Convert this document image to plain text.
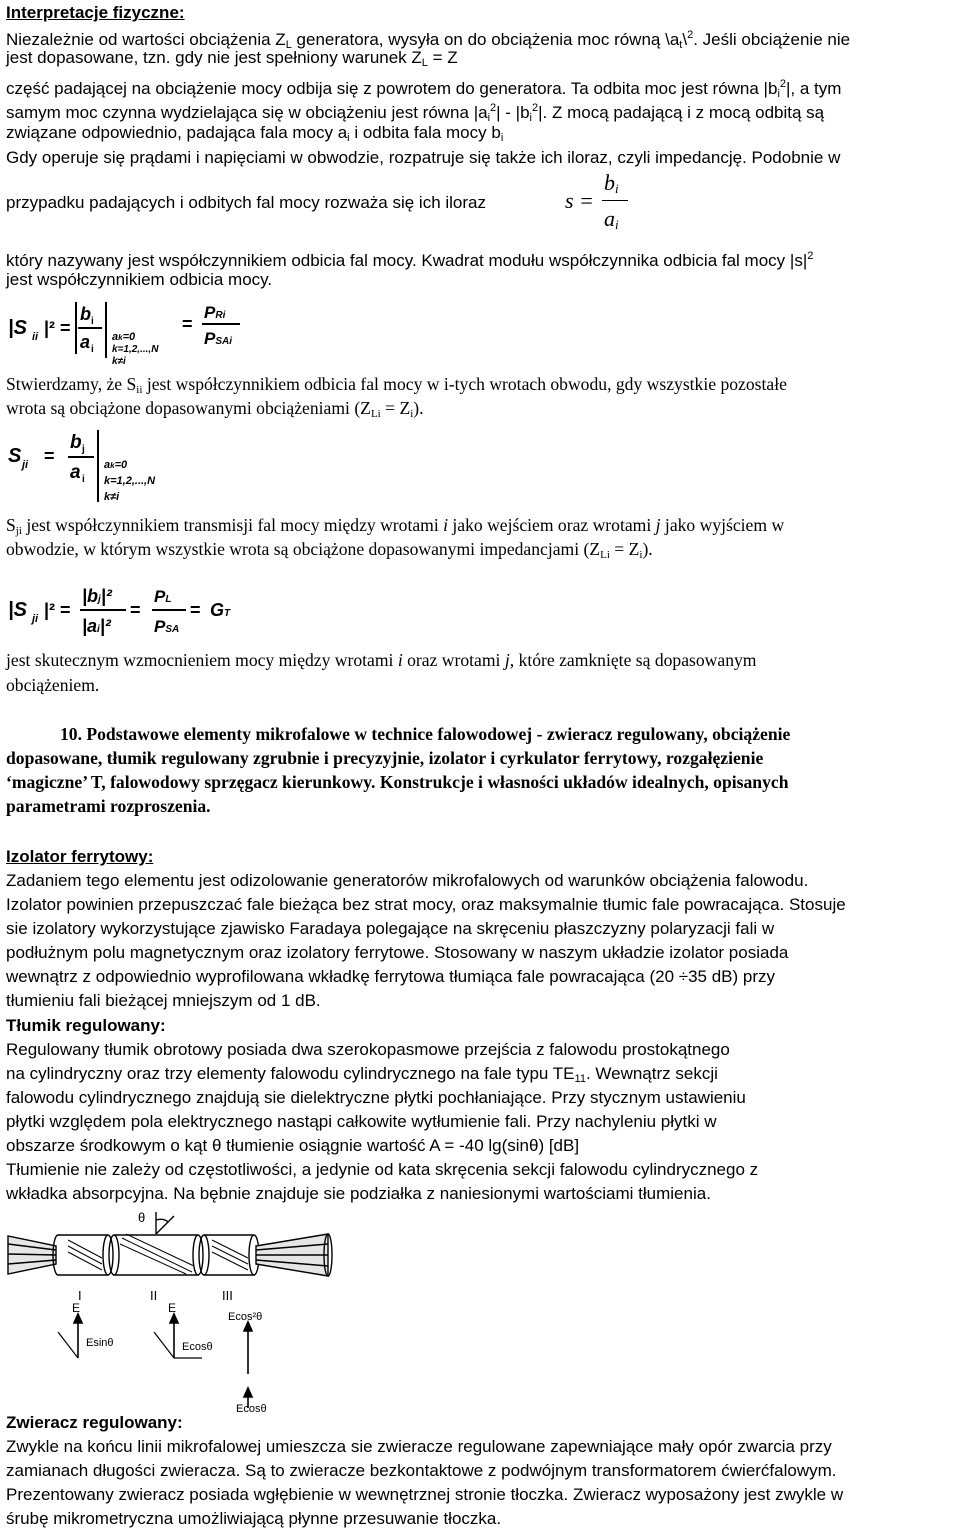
Interpretacje fizyczne:
Niezależnie od wartości obciążenia $Z_L$ generatora, wysyła on do obciążenia moc równą $\backslash a_t\backslash^2$. Jeśli obciążenie nie
jest dopasowane, tzn. gdy nie jest spełniony warunek $Z_L = Z$
część padającej na obciążenie mocy odbija się z powrotem do generatora. Ta odbita moc jest równa $|b_i^2|$, a tym
samym moc czynna wydzielająca się w obciążeniu jest równa $|a_i^2| - |b_i^2|$. Z mocą padającą i z mocą odbitą są
związane odpowiednio, padająca fala mocy $a_i$ i odbita fala mocy $b_i$
Gdy operuje się prądami i napięciami w obwodzie, rozpatruje się także ich iloraz, czyli impedancję. Podobnie w
przypadku padających i odbitych fal mocy rozważa się ich iloraz	s =
$b_i$
$a_i$
który nazywany jest współczynnikiem odbicia fal mocy. Kwadrat modułu współczynnika odbicia fal mocy $|s|^2$
jest współczynnikiem odbicia mocy.
|S ii |² =
b i
a i
ak=0
k=1,2,...,N
k≠i
=
PRi
PSAi
Stwierdzamy, że $S_{ii}$ jest współczynnikiem odbicia fal mocy w i-tych wrotach obwodu, gdy wszystkie pozostałe
wrota są obciążone dopasowanymi obciążeniami $(Z_{Li} = Z_i)$.
S ji =
b j
a i
ak=0
k=1,2,...,N
k≠i
$S_{ji}$ jest współczynnikiem transmisji fal mocy między wrotami i jako wejściem oraz wrotami j jako wyjściem w
obwodzie, w którym wszystkie wrota są obciążone dopasowanymi impedancjami $(Z_{Li} = Z_i)$.
|S ji |² =
|bj|²
|ai|²
=
PL
PSA
= GT
jest skutecznym wzmocnieniem mocy między wrotami i oraz wrotami j, które zamknięte są dopasowanym
obciążeniem.
10. Podstawowe elementy mikrofalowe w technice falowodowej - zwieracz regulowany, obciążenie
dopasowane, tłumik regulowany zgrubnie i precyzyjnie, izolator i cyrkulator ferrytowy, rozgałęzienie
‘magiczne’ T, falowodowy sprzęgacz kierunkowy. Konstrukcje i własności układów idealnych, opisanych
parametrami rozproszenia.
Izolator ferrytowy:
Zadaniem tego elementu jest odizolowanie generatorów mikrofalowych od warunków obciążenia falowodu.
Izolator powinien przepuszczać fale bieżąca bez strat mocy, oraz maksymalnie tłumic fale powracająca. Stosuje
sie izolatory wykorzystujące zjawisko Faradaya polegające na skręceniu płaszczyzny polaryzacji fali w
podłużnym polu magnetycznym oraz izolatory ferrytowe. Stosowany w naszym układzie izolator posiada
wewnątrz z odpowiednio wyprofilowana wkładkę ferrytowa tłumiąca fale powracająca (20 ÷35 dB) przy
tłumieniu fali bieżącej mniejszym od 1 dB.
Tłumik regulowany:
Regulowany tłumik obrotowy posiada dwa szerokopasmowe przejścia z falowodu prostokątnego
na cylindryczny oraz trzy elementy falowodu cylindrycznego na fale typu $TE_{11}$. Wewnątrz sekcji
falowodu cylindrycznego znajdują sie dielektryczne płytki pochłaniające. Przy stycznym ustawieniu
płytki względem pola elektrycznego nastąpi całkowite wytłumienie fali. Przy nachyleniu płytki w
obszarze środkowym o kąt θ tłumienie osiągnie wartość A = -40 lg(sinθ) [dB]
Tłumienie nie zależy od częstotliwości, a jedynie od kata skręcenia sekcji falowodu cylindrycznego z
wkładka absorpcyjna. Na bębnie znajduje sie podziałka z naniesionymi wartościami tłumienia.
θ
I	II	III
E	E
Ecos²θ
Esinθ	Ecosθ
Ecosθ
Zwieracz regulowany:
Zwykle na końcu linii mikrofalowej umieszcza sie zwieracze regulowane zapewniające mały opór zwarcia przy
zamianach długości zwieracza. Są to zwieracze bezkontaktowe z podwójnym transformatorem ćwierćfalowym.
Prezentowany zwieracz posiada wgłębienie w wewnętrznej stronie tłoczka. Zwieracz wyposażony jest zwykle w
śrubę mikrometryczna umożliwiającą płynne przesuwanie tłoczka.
